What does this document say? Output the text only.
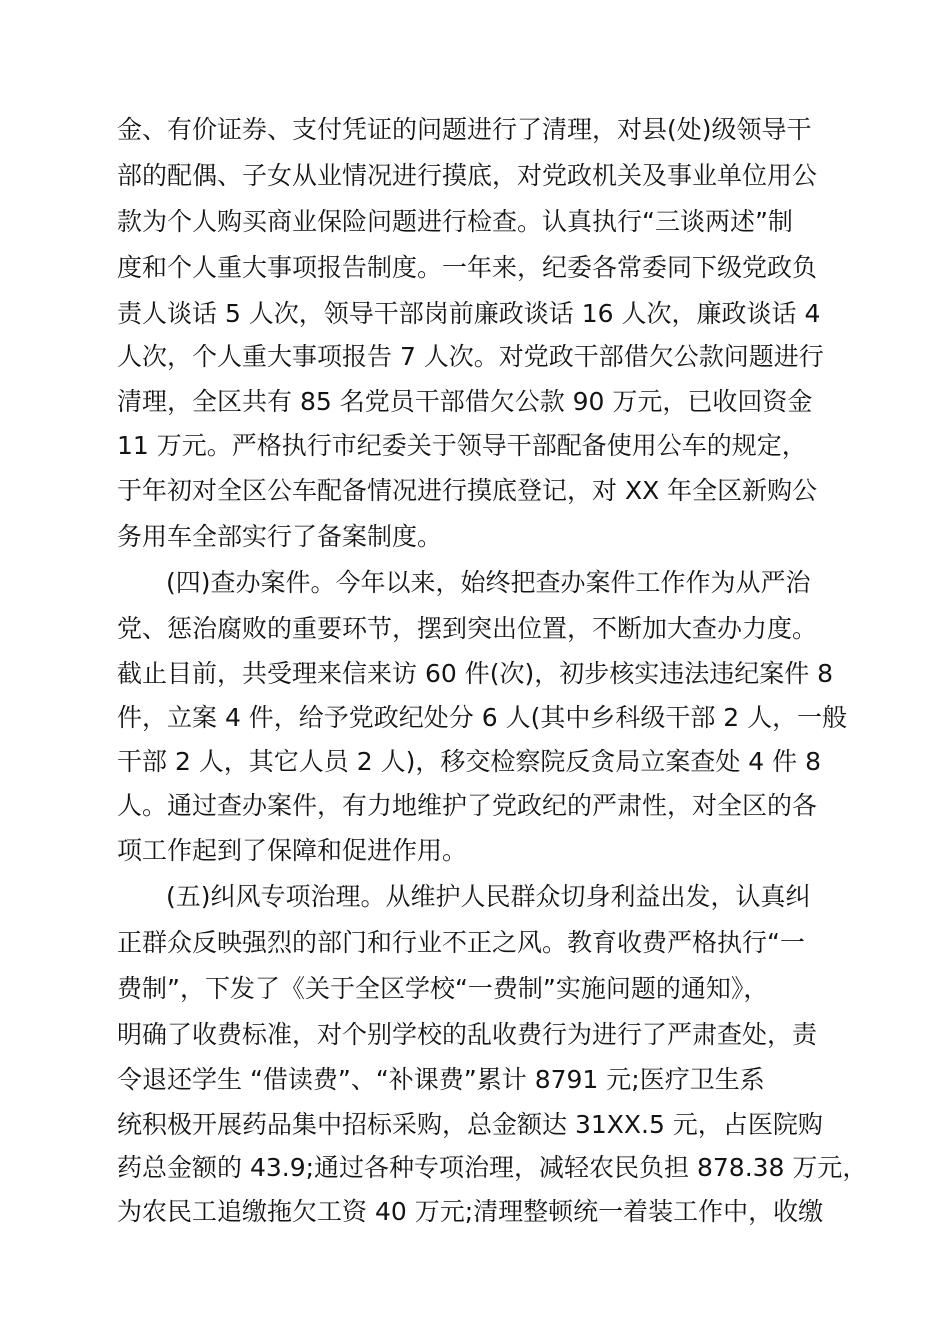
金、有价证券、支付凭证的问题进行了清理，对县(处)级领导干
部的配偶、子女从业情况进行摸底，对党政机关及事业单位用公
款为个人购买商业保险问题进行检查。认真执行“三谈两述”制
度和个人重大事项报告制度。一年来，纪委各常委同下级党政负
责人谈话 5 人次，领导干部岗前廉政谈话 16 人次，廉政谈话 4
人次，个人重大事项报告 7 人次。对党政干部借欠公款问题进行
清理，全区共有 85 名党员干部借欠公款 90 万元，已收回资金
11 万元。严格执行市纪委关于领导干部配备使用公车的规定，
于年初对全区公车配备情况进行摸底登记，对 XX 年全区新购公
务用车全部实行了备案制度。
(四)查办案件。今年以来，始终把查办案件工作作为从严治
党、惩治腐败的重要环节，摆到突出位置，不断加大查办力度。
截止目前，共受理来信来访 60 件(次)，初步核实违法违纪案件 8
件，立案 4 件，给予党政纪处分 6 人(其中乡科级干部 2 人，一般
干部 2 人，其它人员 2 人)，移交检察院反贪局立案查处 4 件 8
人。通过查办案件，有力地维护了党政纪的严肃性，对全区的各
项工作起到了保障和促进作用。
(五)纠风专项治理。从维护人民群众切身利益出发，认真纠
正群众反映强烈的部门和行业不正之风。教育收费严格执行“一
费制”，下发了《关于全区学校“一费制”实施问题的通知》，
明确了收费标准，对个别学校的乱收费行为进行了严肃查处，责
令退还学生 “借读费”、“补课费”累计 8791 元;医疗卫生系
统积极开展药品集中招标采购，总金额达 31XX.5 元，占医院购
药总金额的 43.9;通过各种专项治理，减轻农民负担 878.38 万元，
为农民工追缴拖欠工资 40 万元;清理整顿统一着装工作中，收缴
